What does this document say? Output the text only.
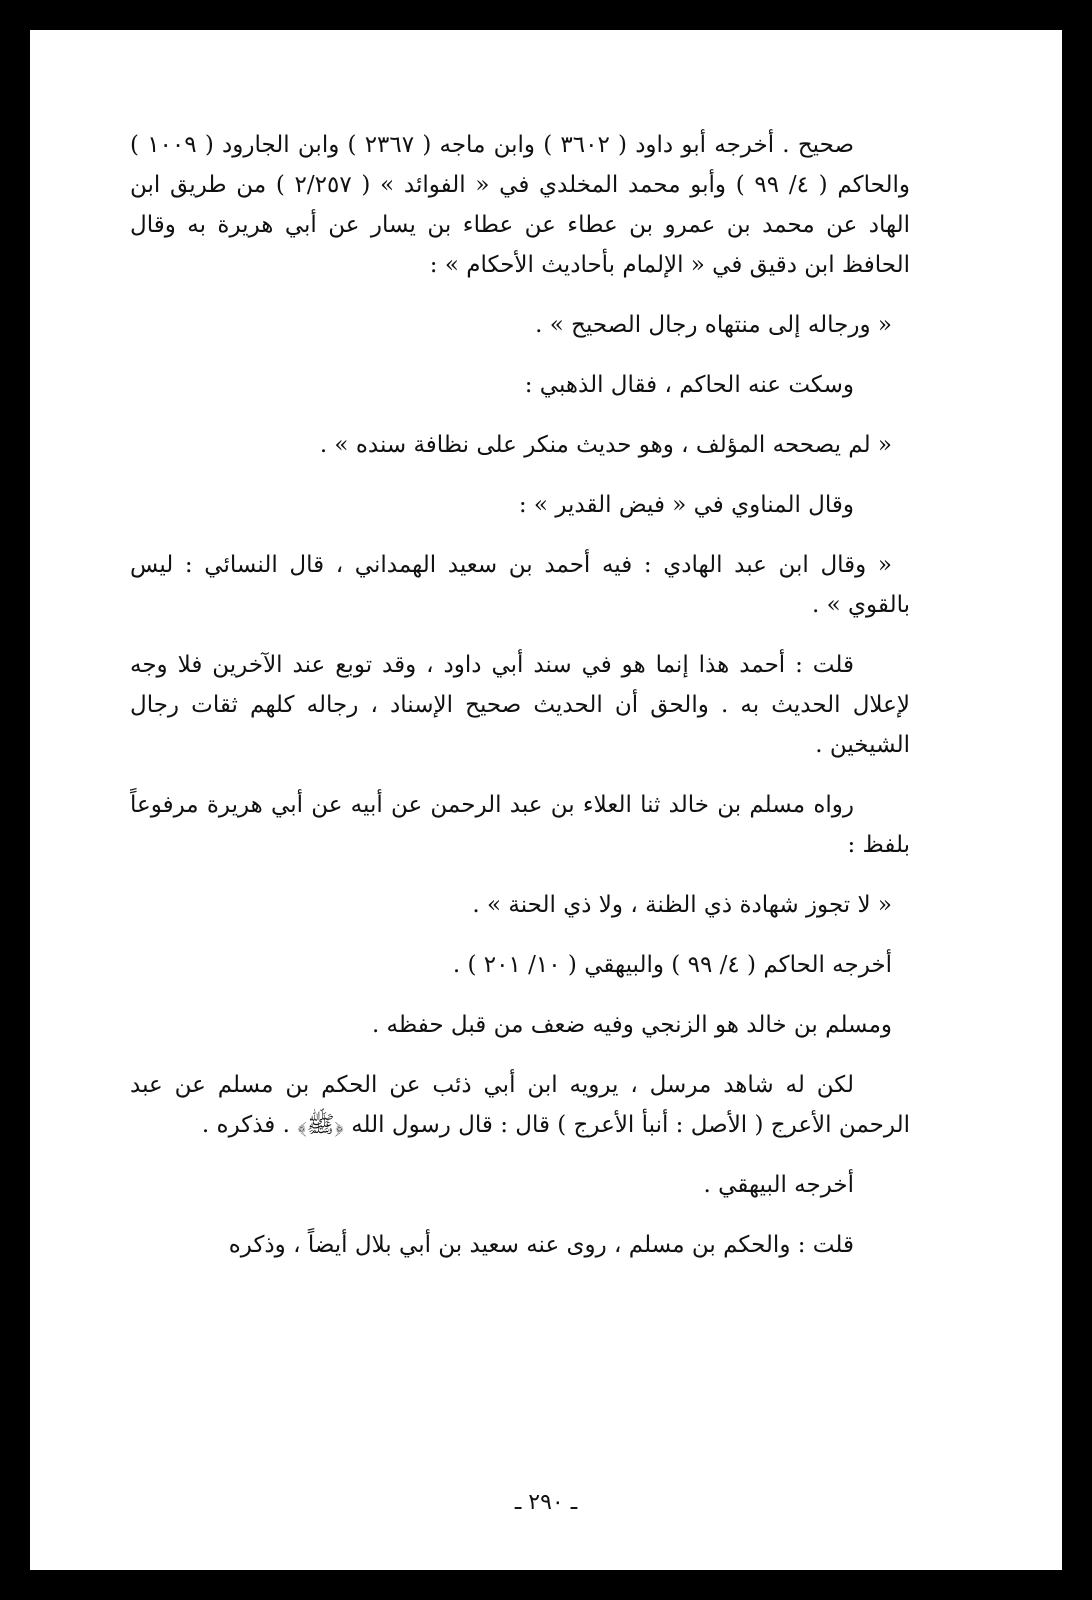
صحيح . أخرجه أبو داود ( ٣٦٠٢ ) وابن ماجه ( ٢٣٦٧ ) وابن الجارود ( ١٠٠٩ ) والحاكم ( ٤/ ٩٩ ) وأبو محمد المخلدي في « الفوائد » ( ٢/٢٥٧ ) من طريق ابن الهاد عن محمد بن عمرو بن عطاء عن عطاء بن يسار عن أبي هريرة به وقال الحافظ ابن دقيق في « الإلمام بأحاديث الأحكام » :

« ورجاله إلى منتهاه رجال الصحيح » .

وسكت عنه الحاكم ، فقال الذهبي :

« لم يصححه المؤلف ، وهو حديث منكر على نظافة سنده » .

وقال المناوي في « فيض القدير » :

« وقال ابن عبد الهادي : فيه أحمد بن سعيد الهمداني ، قال النسائي : ليس بالقوي » .

قلت : أحمد هذا إنما هو في سند أبي داود ، وقد توبع عند الآخرين فلا وجه لإعلال الحديث به . والحق أن الحديث صحيح الإسناد ، رجاله كلهم ثقات رجال الشيخين .

رواه مسلم بن خالد ثنا العلاء بن عبد الرحمن عن أبيه عن أبي هريرة مرفوعاً بلفظ :

« لا تجوز شهادة ذي الظنة ، ولا ذي الحنة » .

أخرجه الحاكم ( ٤/ ٩٩ ) والبيهقي ( ١٠/ ٢٠١ ) .

ومسلم بن خالد هو الزنجي وفيه ضعف من قبل حفظه .

لكن له شاهد مرسل ، يرويه ابن أبي ذئب عن الحكم بن مسلم عن عبد الرحمن الأعرج ( الأصل : أنبأ الأعرج ) قال : قال رسول الله ﴿ﷺ﴾ . فذكره .

أخرجه البيهقي .

قلت : والحكم بن مسلم ، روى عنه سعيد بن أبي بلال أيضاً ، وذكره

ـ ٢٩٠ ـ
